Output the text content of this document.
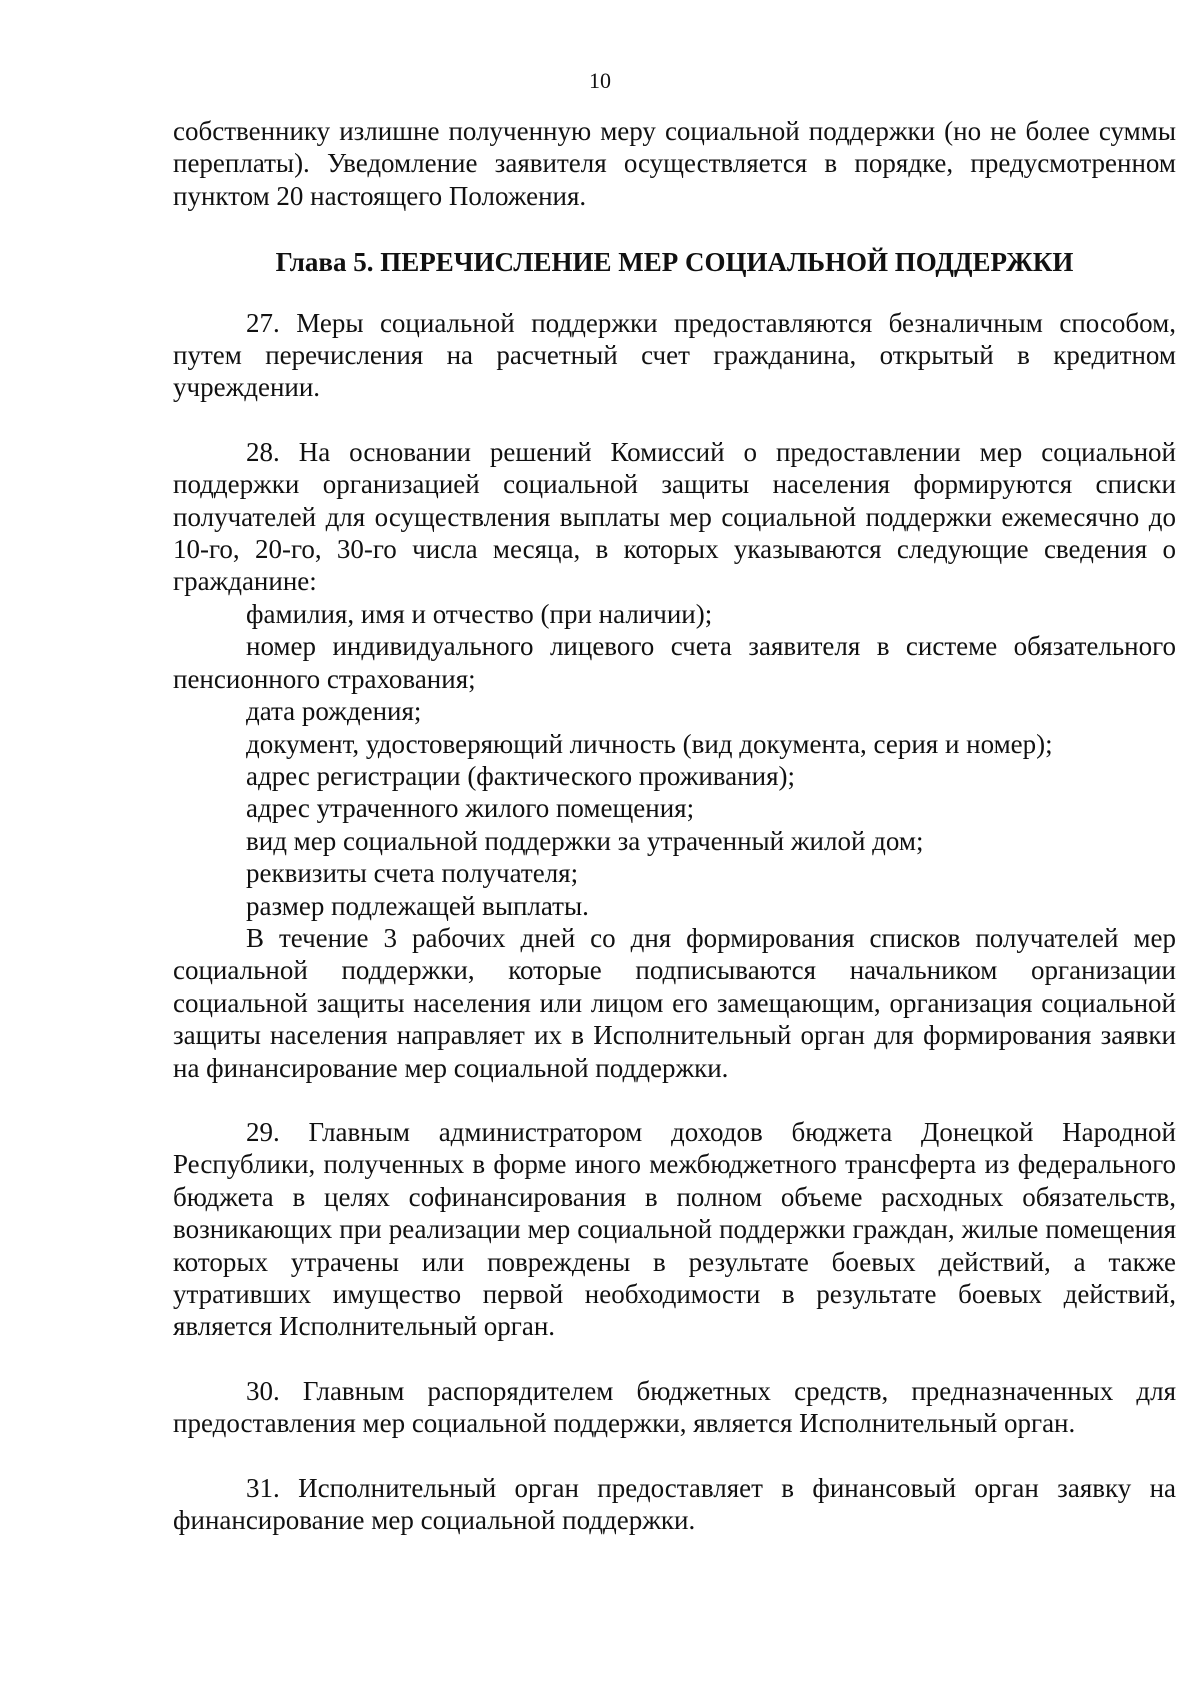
10

собственнику излишне полученную меру социальной поддержки (но не более суммы переплаты). Уведомление заявителя осуществляется в порядке, предусмотренном пунктом 20 настоящего Положения.

Глава 5. ПЕРЕЧИСЛЕНИЕ МЕР СОЦИАЛЬНОЙ ПОДДЕРЖКИ

27. Меры социальной поддержки предоставляются безналичным способом, путем перечисления на расчетный счет гражданина, открытый в кредитном учреждении.

28. На основании решений Комиссий о предоставлении мер социальной поддержки организацией социальной защиты населения формируются списки получателей для осуществления выплаты мер социальной поддержки ежемесячно до 10-го, 20-го, 30-го числа месяца, в которых указываются следующие сведения о гражданине:

фамилия, имя и отчество (при наличии);

номер индивидуального лицевого счета заявителя в системе обязательного пенсионного страхования;

дата рождения;

документ, удостоверяющий личность (вид документа, серия и номер);

адрес регистрации (фактического проживания);

адрес утраченного жилого помещения;

вид мер социальной поддержки за утраченный жилой дом;

реквизиты счета получателя;

размер подлежащей выплаты.

В течение 3 рабочих дней со дня формирования списков получателей мер социальной поддержки, которые подписываются начальником организации социальной защиты населения или лицом его замещающим, организация социальной защиты населения направляет их в Исполнительный орган для формирования заявки на финансирование мер социальной поддержки.

29. Главным администратором доходов бюджета Донецкой Народной Республики, полученных в форме иного межбюджетного трансферта из федерального бюджета в целях софинансирования в полном объеме расходных обязательств, возникающих при реализации мер социальной поддержки граждан, жилые помещения которых утрачены или повреждены в результате боевых действий, а также утративших имущество первой необходимости в результате боевых действий, является Исполнительный орган.

30. Главным распорядителем бюджетных средств, предназначенных для предоставления мер социальной поддержки, является Исполнительный орган.

31. Исполнительный орган предоставляет в финансовый орган заявку на финансирование мер социальной поддержки.
